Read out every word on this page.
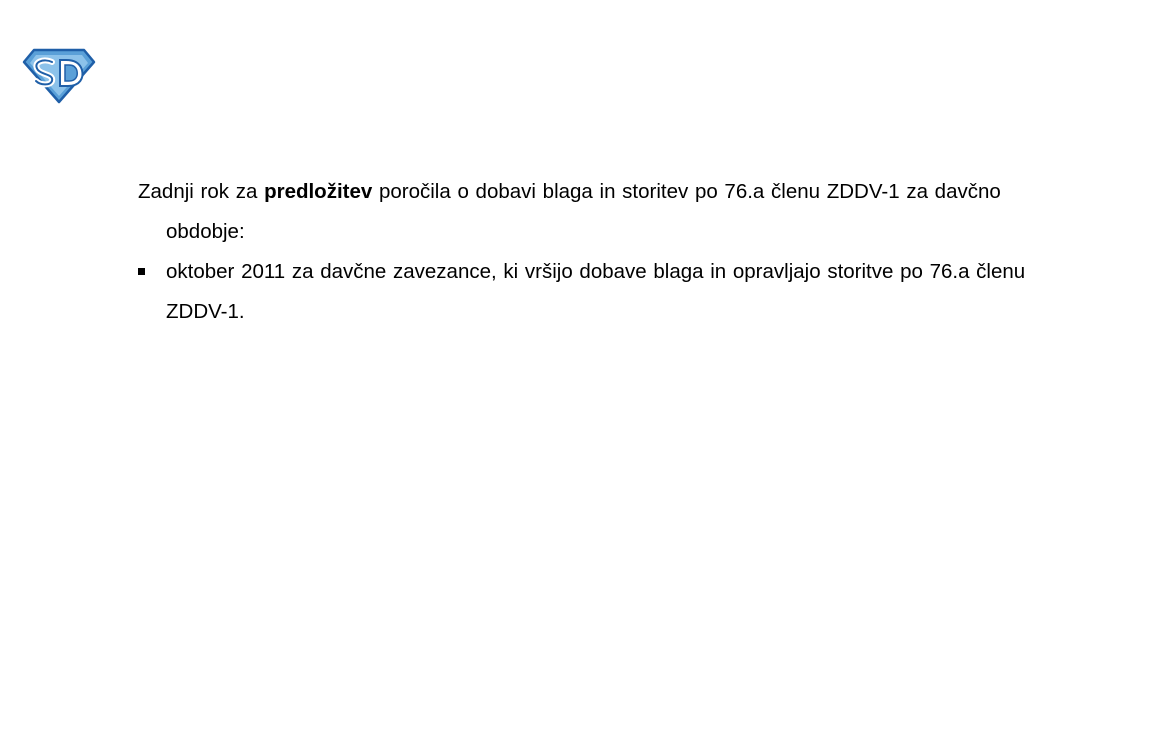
Zadnji rok za predložitev poročila o dobavi blaga in storitev po 76.a členu ZDDV-1 za davčno obdobje:

oktober 2011 za davčne zavezance, ki vršijo dobave blaga in opravljajo storitve po 76.a členu ZDDV-1.
